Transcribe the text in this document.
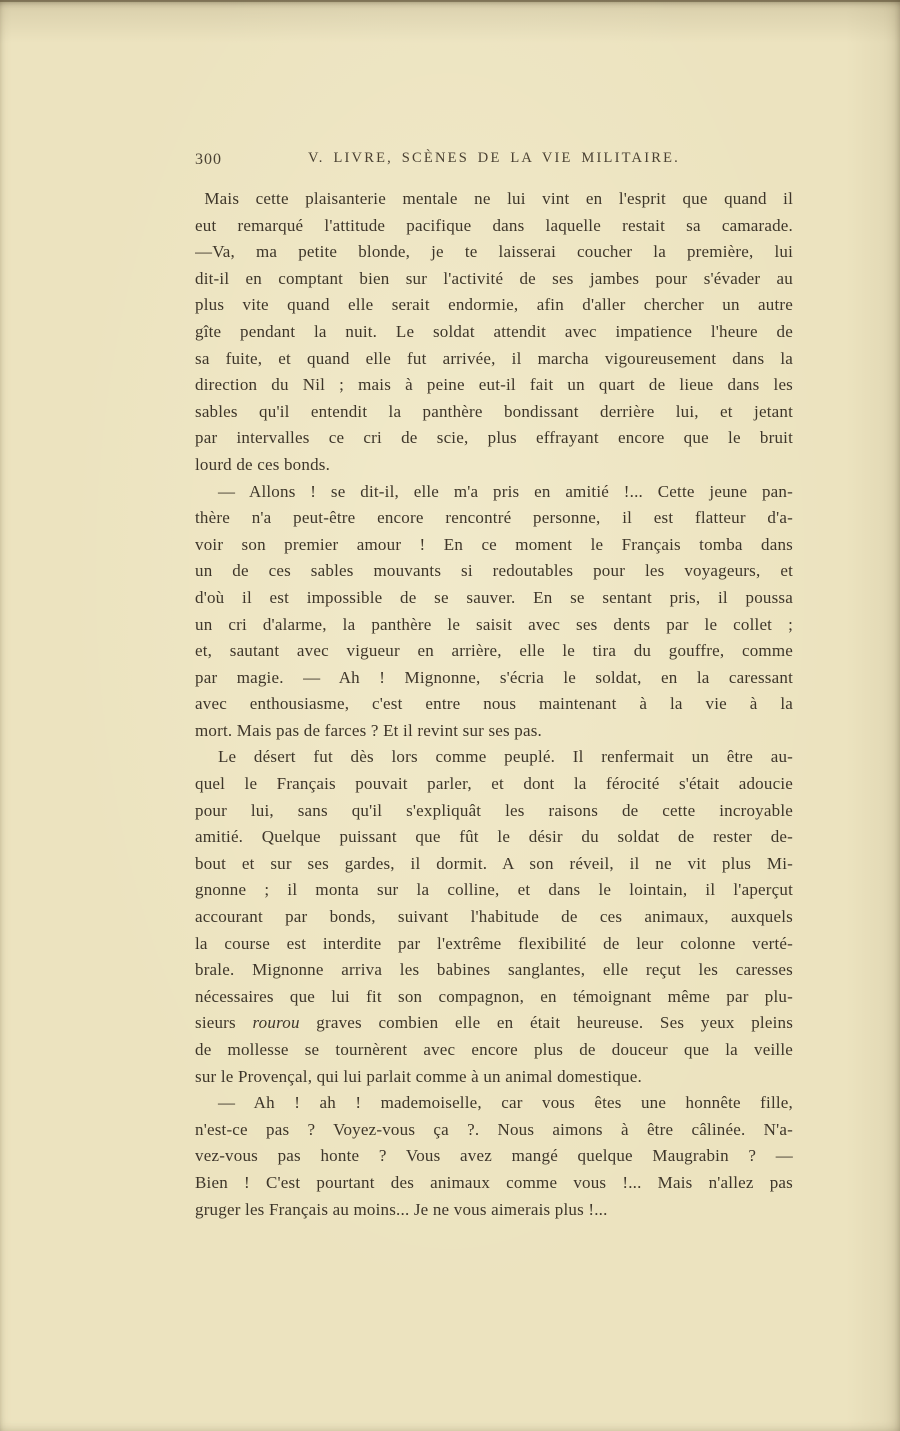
300	V. LIVRE, SCÈNES DE LA VIE MILITAIRE.
Mais cette plaisanterie mentale ne lui vint en l'esprit que quand il
eut remarqué l'attitude pacifique dans laquelle restait sa camarade.
—Va, ma petite blonde, je te laisserai coucher la première, lui
dit-il en comptant bien sur l'activité de ses jambes pour s'évader au
plus vite quand elle serait endormie, afin d'aller chercher un autre
gîte pendant la nuit. Le soldat attendit avec impatience l'heure de
sa fuite, et quand elle fut arrivée, il marcha vigoureusement dans la
direction du Nil ; mais à peine eut-il fait un quart de lieue dans les
sables qu'il entendit la panthère bondissant derrière lui, et jetant
par intervalles ce cri de scie, plus effrayant encore que le bruit
lourd de ces bonds.
— Allons ! se dit-il, elle m'a pris en amitié !... Cette jeune pan-
thère n'a peut-être encore rencontré personne, il est flatteur d'a-
voir son premier amour ! En ce moment le Français tomba dans
un de ces sables mouvants si redoutables pour les voyageurs, et
d'où il est impossible de se sauver. En se sentant pris, il poussa
un cri d'alarme, la panthère le saisit avec ses dents par le collet ;
et, sautant avec vigueur en arrière, elle le tira du gouffre, comme
par magie. — Ah ! Mignonne, s'écria le soldat, en la caressant
avec enthousiasme, c'est entre nous maintenant à la vie à la
mort. Mais pas de farces ? Et il revint sur ses pas.
Le désert fut dès lors comme peuplé. Il renfermait un être au-
quel le Français pouvait parler, et dont la férocité s'était adoucie
pour lui, sans qu'il s'expliquât les raisons de cette incroyable
amitié. Quelque puissant que fût le désir du soldat de rester de-
bout et sur ses gardes, il dormit. A son réveil, il ne vit plus Mi-
gnonne ; il monta sur la colline, et dans le lointain, il l'aperçut
accourant par bonds, suivant l'habitude de ces animaux, auxquels
la course est interdite par l'extrême flexibilité de leur colonne verté-
brale. Mignonne arriva les babines sanglantes, elle reçut les caresses
nécessaires que lui fit son compagnon, en témoignant même par plu-
sieurs rourou graves combien elle en était heureuse. Ses yeux pleins
de mollesse se tournèrent avec encore plus de douceur que la veille
sur le Provençal, qui lui parlait comme à un animal domestique.
— Ah ! ah ! mademoiselle, car vous êtes une honnête fille,
n'est-ce pas ? Voyez-vous ça ?. Nous aimons à être câlinée. N'a-
vez-vous pas honte ? Vous avez mangé quelque Maugrabin ? —
Bien ! C'est pourtant des animaux comme vous !... Mais n'allez pas
gruger les Français au moins... Je ne vous aimerais plus !...
